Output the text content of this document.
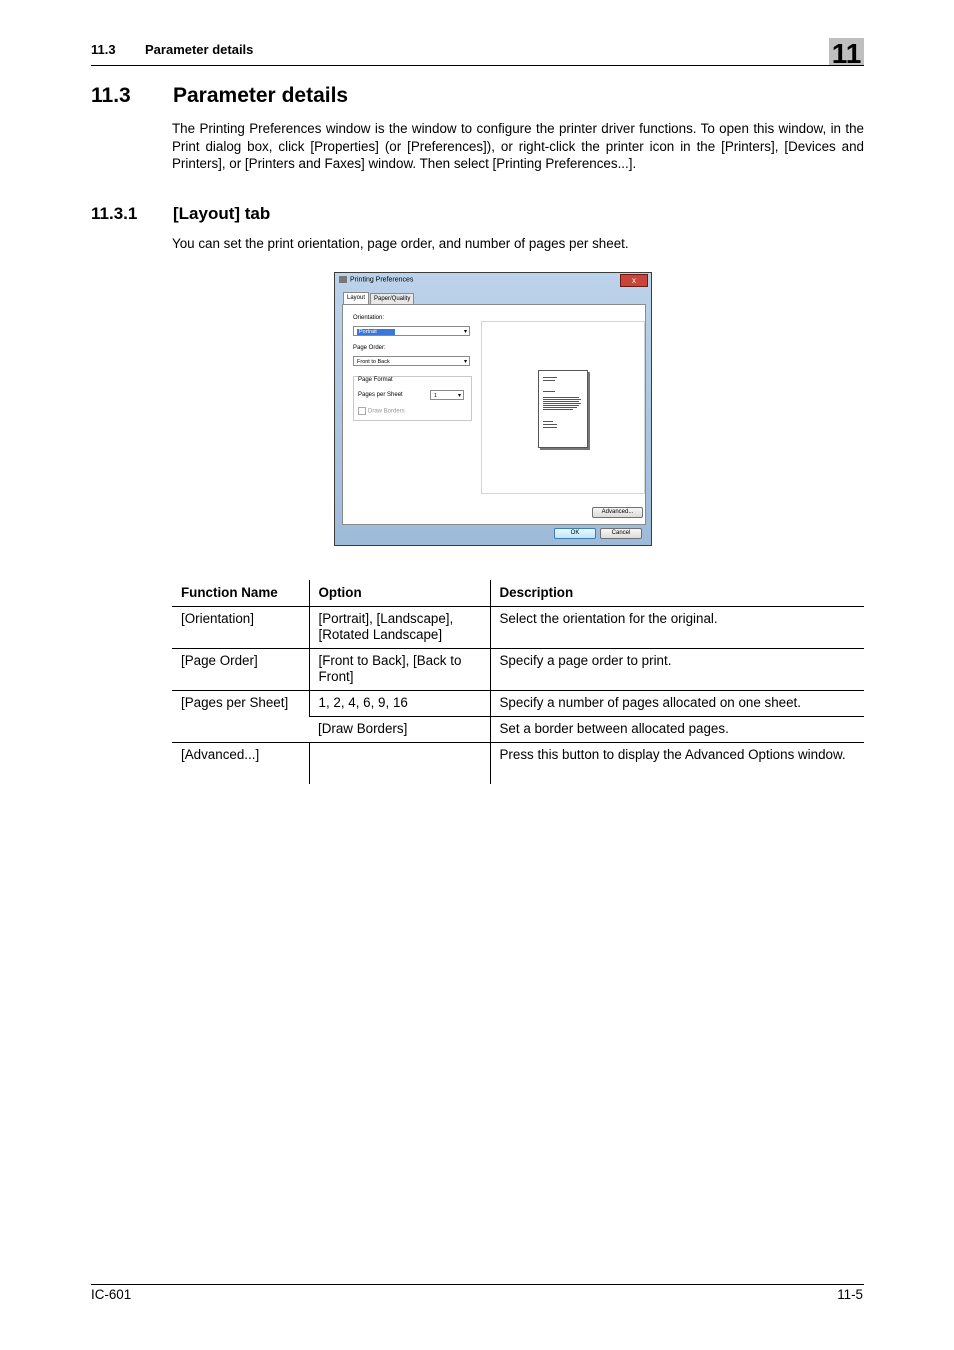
11.3 Parameter details	11
11.3 Parameter details

The Printing Preferences window is the window to configure the printer driver functions. To open this window, in the Print dialog box, click [Properties] (or [Preferences]), or right-click the printer icon in the [Printers], [Devices and Printers], or [Printers and Faxes] window. Then select [Printing Preferences...].

11.3.1 [Layout] tab

You can set the print orientation, page order, and number of pages per sheet.

Printing Preferences	x
Layout	Paper/Quality
Orientation:
Portrait	▾
Page Order:
Front to Back	▾
Page Format
Pages per Sheet	1	▾
Draw Borders
Advanced...
OK	Cancel
Function Name	Option	Description
[Orientation]	[Portrait], [Landscape], [Rotated Landscape]	Select the orientation for the original.
[Page Order]	[Front to Back], [Back to Front]	Specify a page order to print.
[Pages per Sheet]	1, 2, 4, 6, 9, 16	Specify a number of pages allocated on one sheet.
	[Draw Borders]	Set a border between allocated pages.
[Advanced...]		Press this button to display the Advanced Options window.
IC-601	11-5
